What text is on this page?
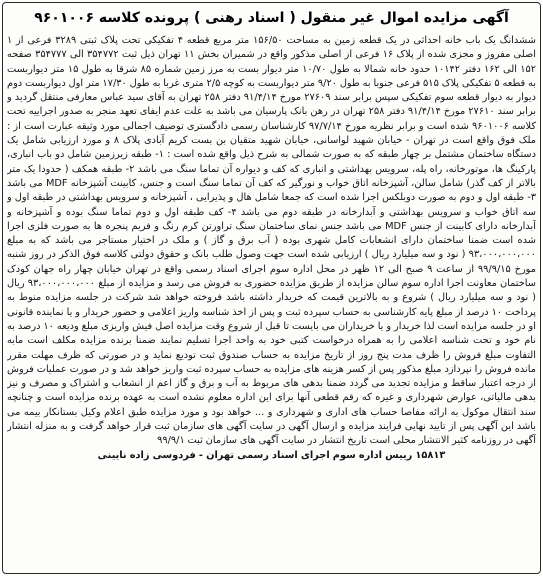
آگهی مزایده اموال غیر منقول ( اسناد رهنی ) پرونده کلاسه ۹۶۰۱۰۰۶

ششدانگ یک باب خانه احداثی در یک قطعه زمین به مساحت ۱۵۶/۵۰ متر مربع قطعه ۴ تفکیکی تحت پلاک ثبتی ۳۲۸۹ فرعی از ۱ اصلی مفروز و مجزی شده از پلاک ۱۶ فرعی از اصلی مذکور واقع در شمیران بخش ۱۱ تهران ذیل ثبت ۳۵۴۷۷۲ الی ۳۵۴۷۷۷ صفحه ۱۵۲ الی ۱۶۲ دفتر ۱۰۱۴۲ حدود خانه شمالا به طول ۱۰/۷۰ متر دیوار بست به مرز زمین شماره ۸۵ شرقا به طول ۱۵ متر دیواربست به قطعه ۵ تفکیکی پلاک ۵۱۵ فرعی جنوبا به طول ۹/۲۰ متر دیواربست به کوچه ۲/۵ متری غربا به طول ۱۷/۳۰ متر اول دیواربست دوم دیوار به دیوار قطعه سوم تفکیکی سپس برابر سند ۲۷۶۰۹ مورخ ۹۱/۴/۱۴ دفتر ۲۵۸ تهران به آقای سید عباس معارفی منتقل گردید و برابر سند ۲۷۶۱۰ مورخ ۹۱/۴/۱۴ دفتر ۲۵۸ تهران در رهن بانک پارسیان می باشد به علت عدم ایفای تعهد منجر به صدور اجراییه تحت کلاسه ۹۶۰۱۰۰۶ شده است و برابر نظریه مورخ ۹۷/۷/۱۴ کارشناسان رسمی دادگستری توصیف اجمالی مورد وثیقه عبارت است از : ملک فوق واقع است در تهران - خیابان شهید لواسانی، خیابان شهید متقیان بن بست کریم آبادی پلاک ۸ و مورد ارزیابی شامل یک دستگاه ساختمان مشتمل بر چهار طبقه که به صورت شمالی به شرح ذیل واقع شده است : ۱- طبقه زیرزمین شامل دو باب انباری، پارکینگ ها، موتورخانه، راه پله، سرویس بهداشتی و انباری که کف و دیواره آن تماما سنگ می باشد ۲- طبقه همکف ( حدودا یک متر بالاتر از کف گذر) شامل سالن، آشپزخانه اتاق خواب و نورگیر که کف آن تماما سنگ است و جنس، کابینت آشپزخانه MDF می باشد ۳- طبقه اول و دوم به صورت دوبلکس اجرا شده است که جمعا شامل هال و پذیرایی ، آشپزخانه و سرویس بهداشتی در طبقه اول و سه اتاق خواب و سرویس بهداشتی و آبدارخانه در طبقه دوم می باشد ۴- کف طبقه اول و دوم تماما سنگ بوده و آشپزخانه و آبدارخانه دارای کابینت از جنس MDF می باشد جنس نمای ساختمان سنگ تراورتن کرم رنگ و فریم پنجره ها به صورت فلزی اجرا شده است ضمنا ساختمان دارای انشعابات کامل شهری بوده ( آب برق و گاز ) و ملک در اختیار مستاجر می باشد که به مبلغ ۹۳،۰۰۰،۰۰۰،۰۰۰ ( نود و سه میلیارد ریال ) ارزیابی شده است جهت وصول طلب بانک و حقوق دولتی کلاسه فوق الذکر در روز شنبه مورخ ۹۹/۹/۱۵ از ساعت ۹ صبح الی ۱۲ ظهر در محل اداره سوم اجرای اسناد رسمی واقع در تهران خیابان چهار راه جهان کودک ساختمان معاونت اجرا اداره سوم سالن مزایده از طریق مزایده حضوری به فروش می رسد و مزایده از مبلغ ۹۳،۰۰۰،۰۰۰،۰۰۰ ریال ( نود و سه میلیارد ریال ) شروع و به بالاترین قیمت که خریدار داشته باشد فروخته خواهد شد شرکت در جلسه مزایده منوط به پرداخت ۱۰ درصد از مبلغ پایه کارشناسی به حساب سپرده ثبت و پس از اخذ شناسه واریز اعلامی و حضور خریدار و یا نماینده قانونی او در جلسه مزایده است لذا خریدار و یا خریداران می بایست تا قبل از شروع وقت مزایده اصل فیش واریزی مبلغ ودیعه ۱۰ درصد به نام خود و تحت شناسه اعلامی را به همراه درخواست کتبی خود به واحد اجرا تسلیم نمایند ضمنا برنده مزایده مکلف است مابه التفاوت مبلغ فروش را ظرف مدت پنج روز از تاریخ مزایده به حساب صندوق ثبت تودیع نماید و در صورتی که ظرف مهلت مقرر مانده فروش را نپردازد مبلغ مذکور پس از کسر هزینه های مزایده به حساب سپرده ثبت واریز خواهد شد و در صورت عملیات فروش از درجه اعتبار ساقط و مزایده تجدید می گردد ضمنا بدهی های مربوط به آب و برق و گاز اعم از انشعاب و اشتراک و مصرف و نیز بدهی مالیاتی، عوارض شهرداری و غیره که رقم قطعی آنها برای این اداره معلوم نشده است به عهده برنده مزایده است و چنانچه سند انتقال موکول به ارائه مفاصا حساب های اداری و شهرداری و ... خواهد بود و مورد مزایده طبق اعلام وکیل بستانکار بیمه می باشد این آگهی پس از تایید نهایی فرایند مزایده و ارسال آگهی در سایت آگهی های سازمان ثبت قرار خواهد گرفت و به منزله انتشار آگهی در روزنامه کثیر الانتشار محلی است تاریخ انتشار در سایت آگهی های سازمان ثبت ۹۹/۹/۱

۱۵۸۱۳ رییس اداره سوم اجرای اسناد رسمی تهران - فردوسی زاده نایینی
